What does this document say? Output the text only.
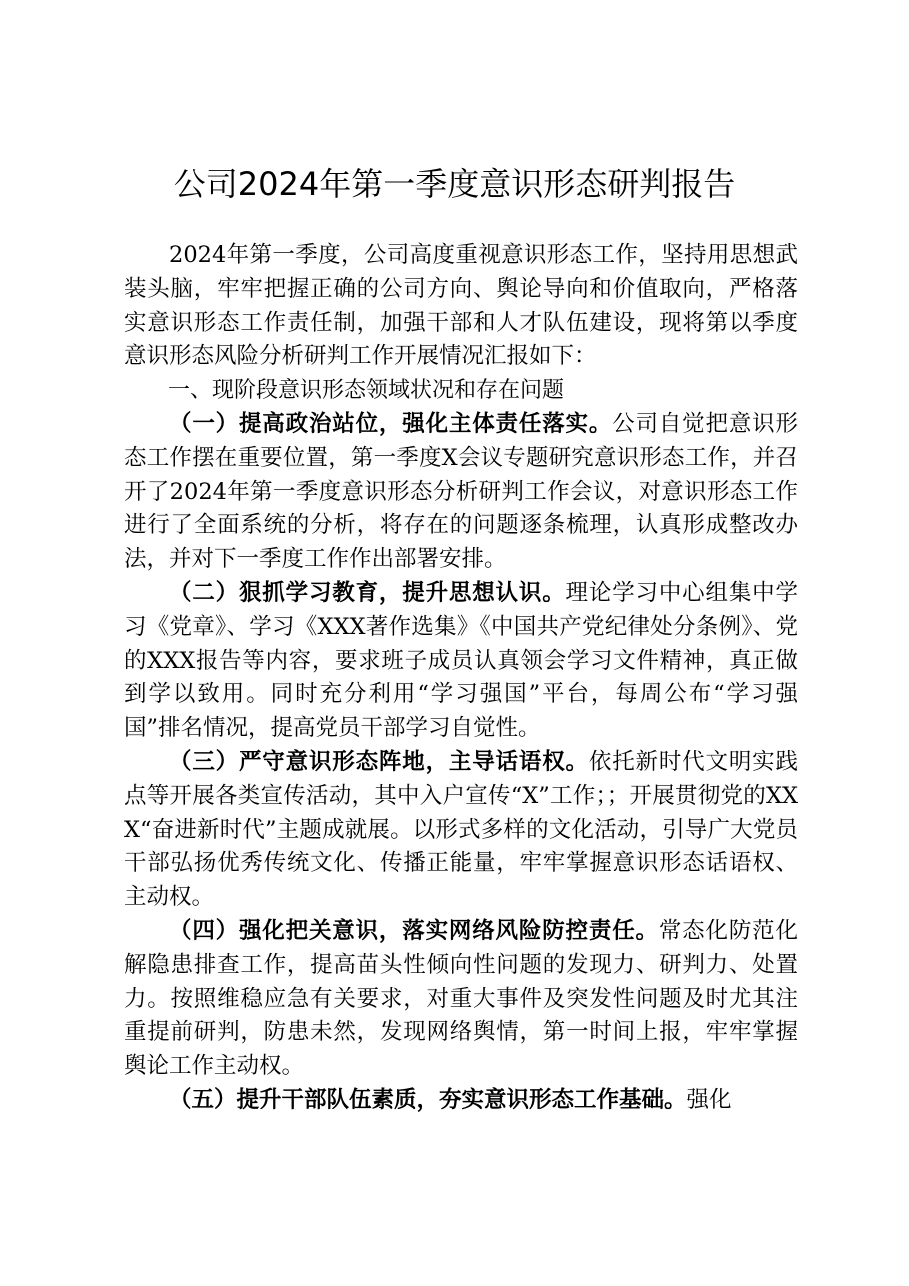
公司2024年第一季度意识形态研判报告

2024年第一季度，公司高度重视意识形态工作，坚持用思想武装头脑，牢牢把握正确的公司方向、舆论导向和价值取向，严格落实意识形态工作责任制，加强干部和人才队伍建设，现将第以季度意识形态风险分析研判工作开展情况汇报如下：

一、现阶段意识形态领域状况和存在问题

（一）提高政治站位，强化主体责任落实。公司自觉把意识形态工作摆在重要位置，第一季度X会议专题研究意识形态工作，并召开了2024年第一季度意识形态分析研判工作会议，对意识形态工作进行了全面系统的分析，将存在的问题逐条梳理，认真形成整改办法，并对下一季度工作作出部署安排。

（二）狠抓学习教育，提升思想认识。理论学习中心组集中学习《党章》、学习《XXX著作选集》《中国共产党纪律处分条例》、党的XXX报告等内容，要求班子成员认真领会学习文件精神，真正做到学以致用。同时充分利用“学习强国”平台，每周公布“学习强国”排名情况，提高党员干部学习自觉性。

（三）严守意识形态阵地，主导话语权。依托新时代文明实践点等开展各类宣传活动，其中入户宣传“X”工作；；开展贯彻党的XXX“奋进新时代”主题成就展。以形式多样的文化活动，引导广大党员干部弘扬优秀传统文化、传播正能量，牢牢掌握意识形态话语权、主动权。

（四）强化把关意识，落实网络风险防控责任。常态化防范化解隐患排查工作，提高苗头性倾向性问题的发现力、研判力、处置力。按照维稳应急有关要求，对重大事件及突发性问题及时尤其注重提前研判，防患未然，发现网络舆情，第一时间上报，牢牢掌握舆论工作主动权。

（五）提升干部队伍素质，夯实意识形态工作基础。强化
